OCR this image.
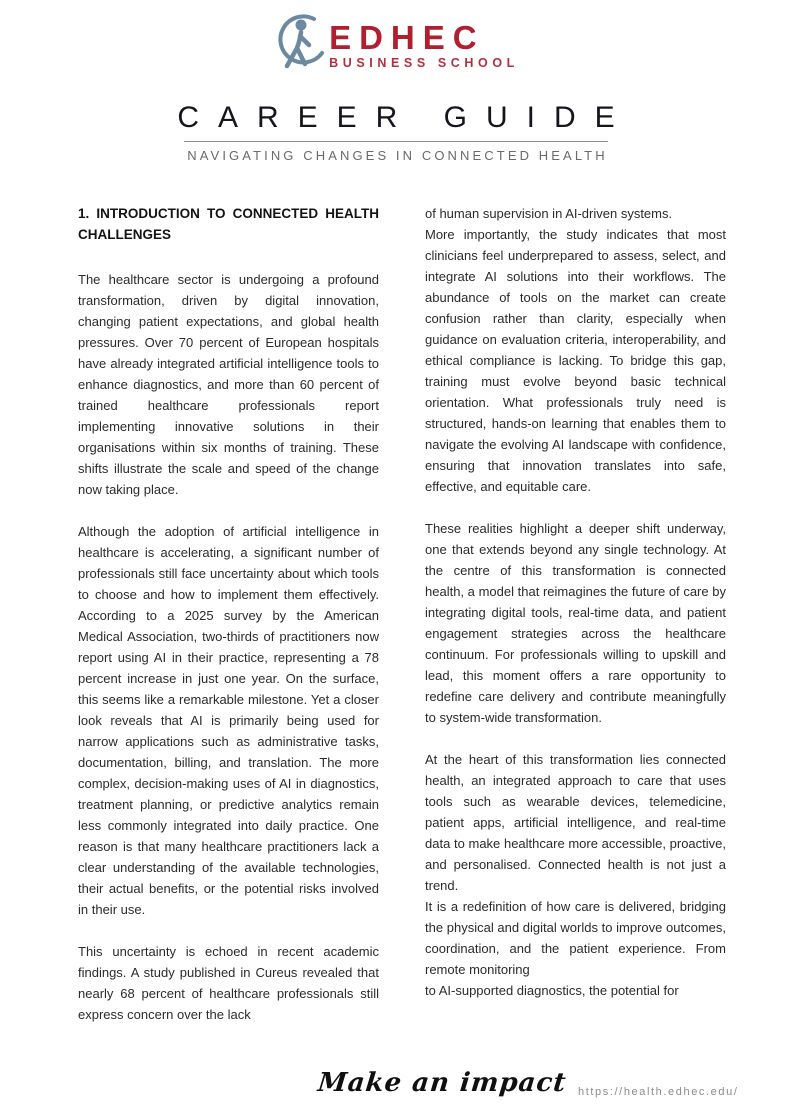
EDHEC
BUSINESS SCHOOL
CAREER GUIDE
NAVIGATING CHANGES IN CONNECTED HEALTH
1. INTRODUCTION TO CONNECTED HEALTH CHALLENGES

The healthcare sector is undergoing a profound transformation, driven by digital innovation, changing patient expectations, and global health pressures. Over 70 percent of European hospitals have already integrated artificial intelligence tools to enhance diagnostics, and more than 60 percent of trained healthcare professionals report implementing innovative solutions in their organisations within six months of training. These shifts illustrate the scale and speed of the change now taking place.

Although the adoption of artificial intelligence in healthcare is accelerating, a significant number of professionals still face uncertainty about which tools to choose and how to implement them effectively. According to a 2025 survey by the American Medical Association, two-thirds of practitioners now report using AI in their practice, representing a 78 percent increase in just one year. On the surface, this seems like a remarkable milestone. Yet a closer look reveals that AI is primarily being used for narrow applications such as administrative tasks, documentation, billing, and translation. The more complex, decision-making uses of AI in diagnostics, treatment planning, or predictive analytics remain less commonly integrated into daily practice. One reason is that many healthcare practitioners lack a clear understanding of the available technologies, their actual benefits, or the potential risks involved in their use.

This uncertainty is echoed in recent academic findings. A study published in Cureus revealed that nearly 68 percent of healthcare professionals still express concern over the lack

of human supervision in AI-driven systems.

More importantly, the study indicates that most clinicians feel underprepared to assess, select, and integrate AI solutions into their workflows. The abundance of tools on the market can create confusion rather than clarity, especially when guidance on evaluation criteria, interoperability, and ethical compliance is lacking. To bridge this gap, training must evolve beyond basic technical orientation. What professionals truly need is structured, hands-on learning that enables them to navigate the evolving AI landscape with confidence, ensuring that innovation translates into safe, effective, and equitable care.

These realities highlight a deeper shift underway, one that extends beyond any single technology. At the centre of this transformation is connected health, a model that reimagines the future of care by integrating digital tools, real-time data, and patient engagement strategies across the healthcare continuum. For professionals willing to upskill and lead, this moment offers a rare opportunity to redefine care delivery and contribute meaningfully to system-wide transformation.

At the heart of this transformation lies connected health, an integrated approach to care that uses tools such as wearable devices, telemedicine, patient apps, artificial intelligence, and real-time data to make healthcare more accessible, proactive, and personalised. Connected health is not just a trend.

It is a redefinition of how care is delivered, bridging the physical and digital worlds to improve outcomes, coordination, and the patient experience. From remote monitoring

to AI-supported diagnostics, the potential for

Make an impact https://health.edhec.edu/
